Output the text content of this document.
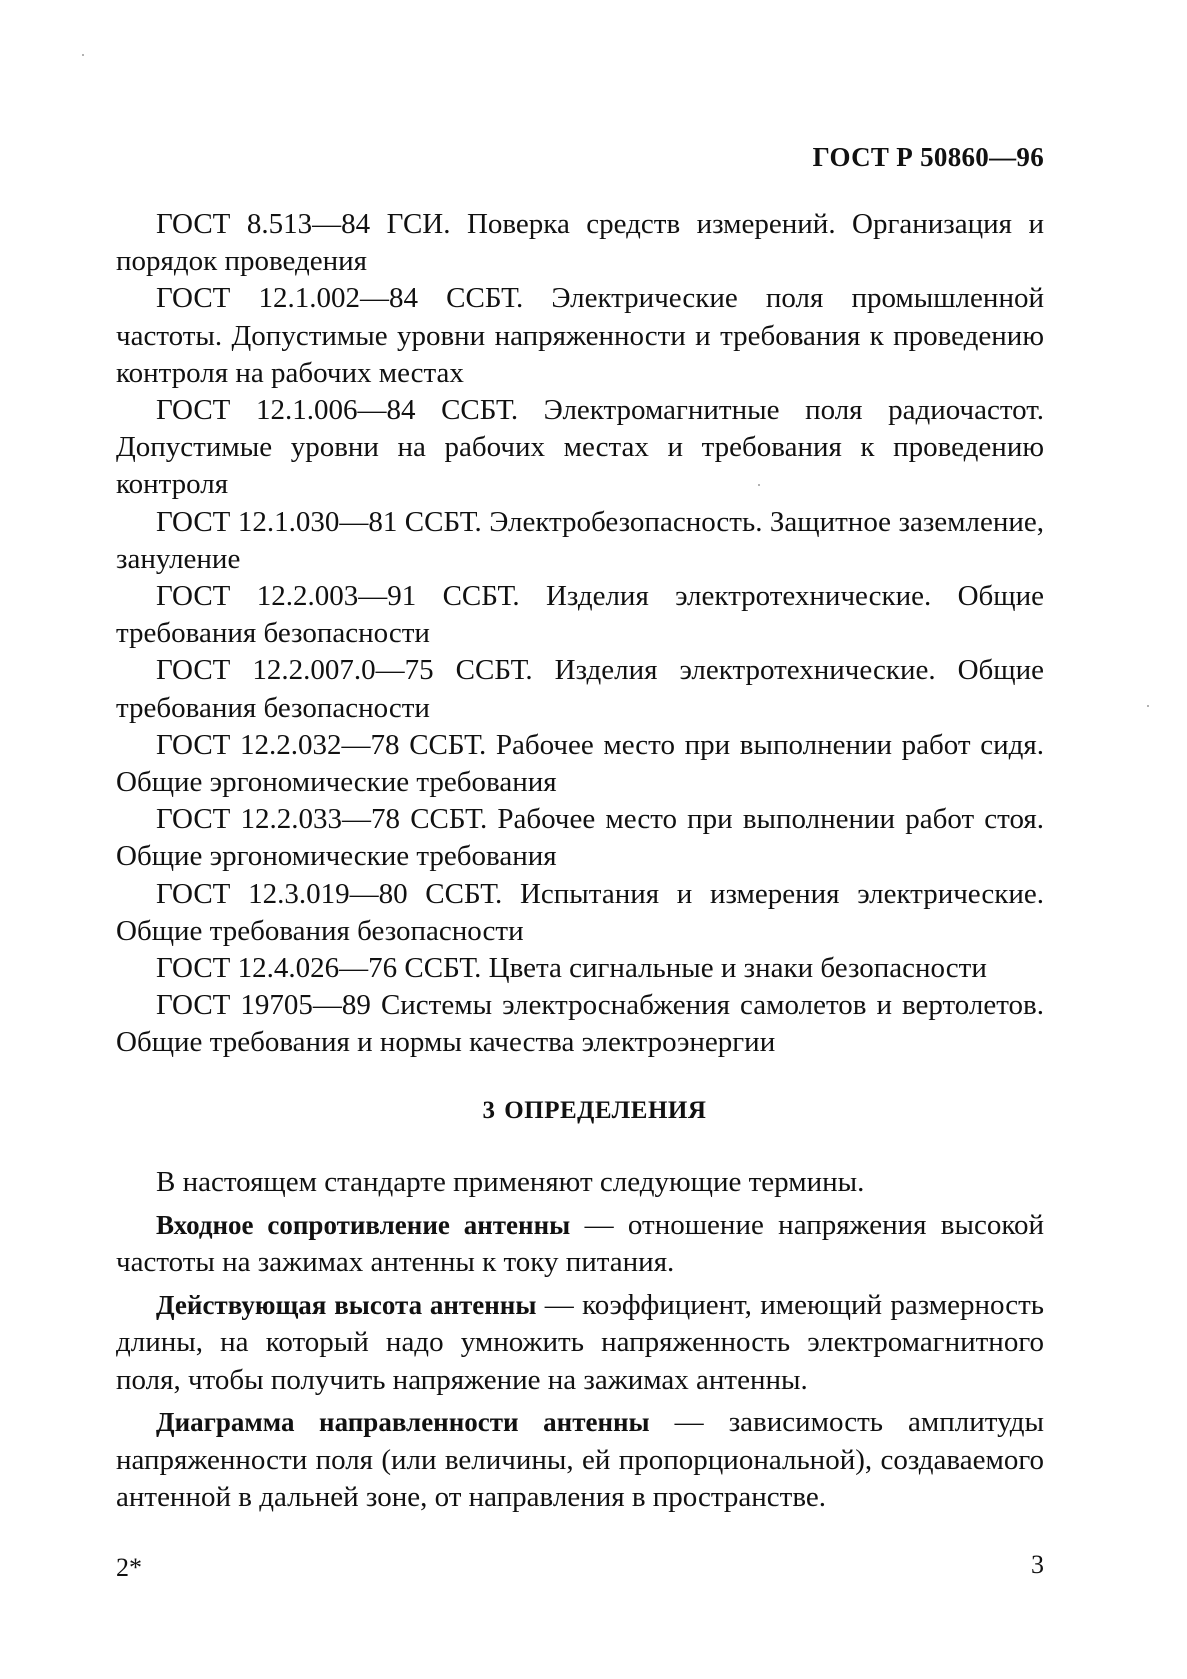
ГОСТ Р 50860—96

ГОСТ 8.513—84 ГСИ. Поверка средств измерений. Организация и порядок проведения

ГОСТ 12.1.002—84 ССБТ. Электрические поля промышленной частоты. Допустимые уровни напряженности и требования к проведению контроля на рабочих местах

ГОСТ 12.1.006—84 ССБТ. Электромагнитные поля радиочастот. Допустимые уровни на рабочих местах и требования к проведению контроля

ГОСТ 12.1.030—81 ССБТ. Электробезопасность. Защитное заземление, зануление

ГОСТ 12.2.003—91 ССБТ. Изделия электротехнические. Общие требования безопасности

ГОСТ 12.2.007.0—75 ССБТ. Изделия электротехнические. Общие требования безопасности

ГОСТ 12.2.032—78 ССБТ. Рабочее место при выполнении работ сидя. Общие эргономические требования

ГОСТ 12.2.033—78 ССБТ. Рабочее место при выполнении работ стоя. Общие эргономические требования

ГОСТ 12.3.019—80 ССБТ. Испытания и измерения электрические. Общие требования безопасности

ГОСТ 12.4.026—76 ССБТ. Цвета сигнальные и знаки безопасности

ГОСТ 19705—89 Системы электроснабжения самолетов и вертолетов. Общие требования и нормы качества электроэнергии

3 ОПРЕДЕЛЕНИЯ

В настоящем стандарте применяют следующие термины.

Входное сопротивление антенны — отношение напряжения высокой частоты на зажимах антенны к току питания.

Действующая высота антенны — коэффициент, имеющий размерность длины, на который надо умножить напряженность электромагнитного поля, чтобы получить напряжение на зажимах антенны.

Диаграмма направленности антенны — зависимость амплитуды напряженности поля (или величины, ей пропорциональной), создаваемого антенной в дальней зоне, от направления в пространстве.

2*	3
